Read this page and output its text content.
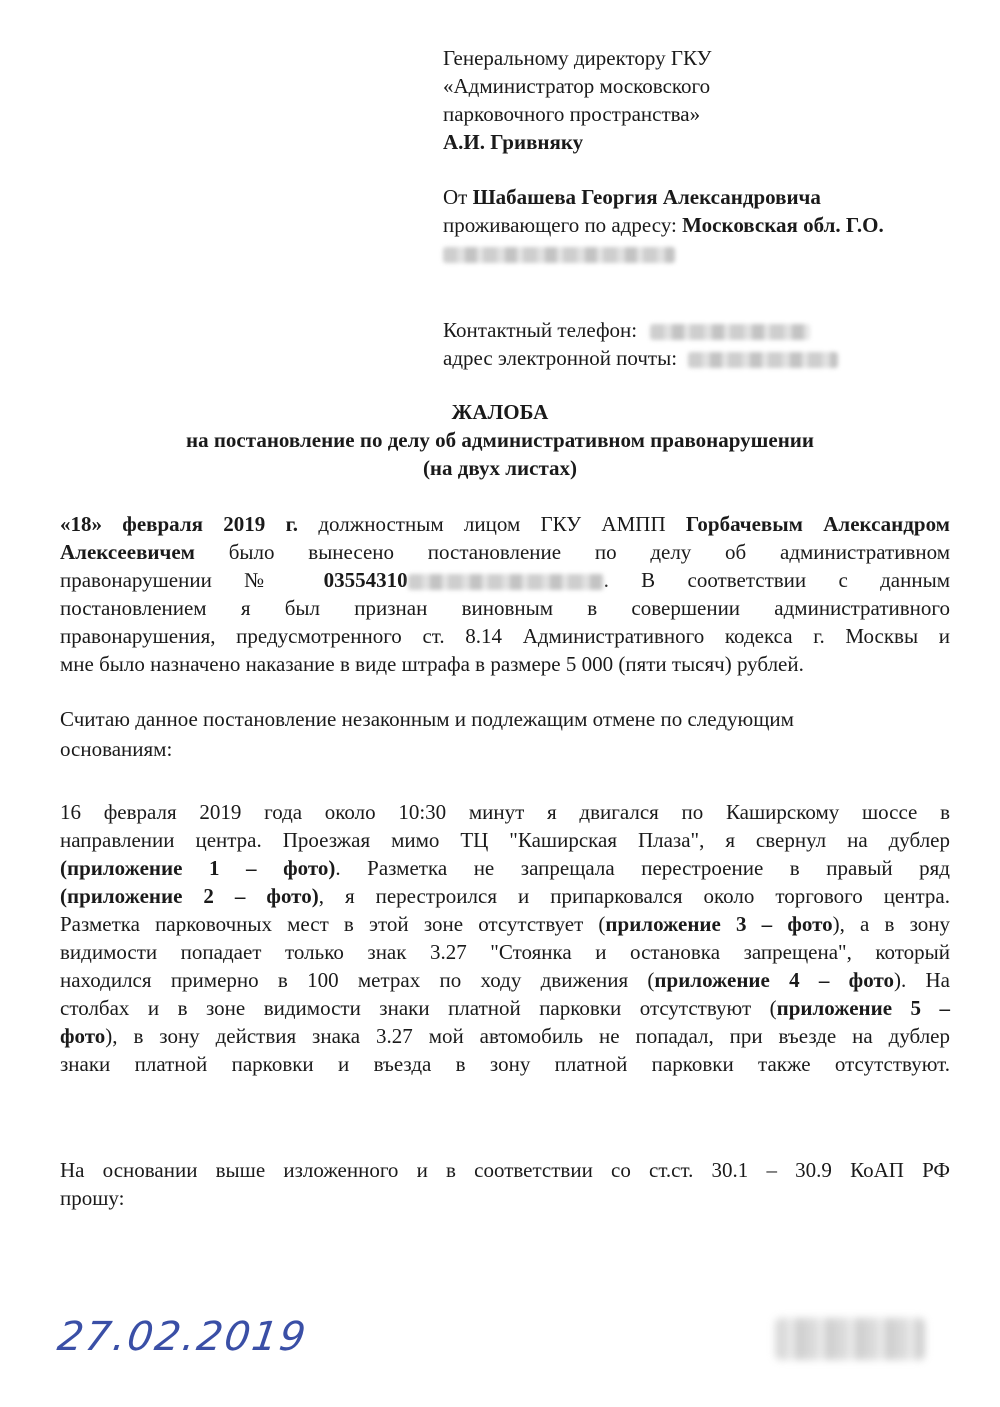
Генеральному директору ГКУ
«Администратор московского
парковочного пространства»
А.И. Гривняку
От Шабашева Георгия Александровича
проживающего по адресу: Московская обл. Г.О.
Контактный телефон:
адрес электронной почты:
ЖАЛОБА
на постановление по делу об административном правонарушении
(на двух листах)
«18» февраля 2019 г. должностным лицом ГКУ АМПП Горбачевым Александром
Алексеевичем было вынесено постановление по делу об административном
правонарушении № 03554310	. В соответствии с данным
постановлением я был признан виновным в совершении административного
правонарушения, предусмотренного ст. 8.14 Административного кодекса г. Москвы и
мне было назначено наказание в виде штрафа в размере 5 000 (пяти тысяч) рублей.
Считаю данное постановление незаконным и подлежащим отмене по следующим
основаниям:
16 февраля 2019 года около 10:30 минут я двигался по Каширскому шоссе в
направлении центра. Проезжая мимо ТЦ "Каширская Плаза", я свернул на дублер
(приложение 1 – фото). Разметка не запрещала перестроение в правый ряд
(приложение 2 – фото), я перестроился и припарковался около торгового центра.
Разметка парковочных мест в этой зоне отсутствует (приложение 3 – фото), а в зону
видимости попадает только знак 3.27 "Стоянка и остановка запрещена", который
находился примерно в 100 метрах по ходу движения (приложение 4 – фото). На
столбах и в зоне видимости знаки платной парковки отсутствуют (приложение 5 –
фото), в зону действия знака 3.27 мой автомобиль не попадал, при въезде на дублер
знаки платной парковки и въезда в зону платной парковки также отсутствуют.
На основании выше изложенного и в соответствии со ст.ст. 30.1 – 30.9 КоАП РФ
прошу:
27.02.2019
